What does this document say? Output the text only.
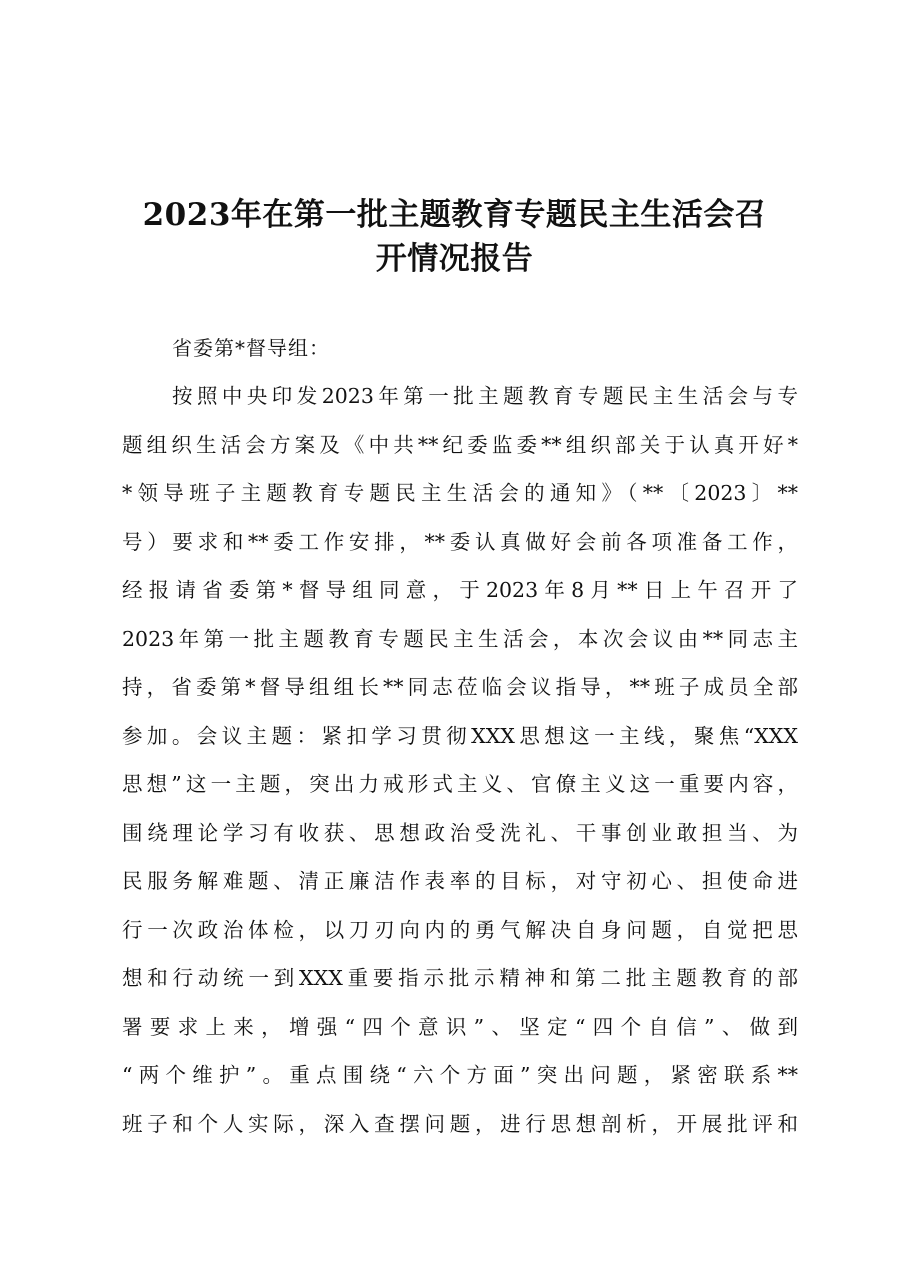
2023年在第一批主题教育专题民主生活会召
开情况报告

省委第*督导组：

按照中央印发2023年第一批主题教育专题民主生活会与专
题组织生活会方案及《中共**纪委监委**组织部关于认真开好*
*领导班子主题教育专题民主生活会的通知》（**〔2023〕**
号）要求和**委工作安排，**委认真做好会前各项准备工作，
经报请省委第*督导组同意，于2023年8月**日上午召开了
2023年第一批主题教育专题民主生活会，本次会议由**同志主
持，省委第*督导组组长**同志莅临会议指导，**班子成员全部
参加。会议主题：紧扣学习贯彻XXX思想这一主线，聚焦“XXX
思想”这一主题，突出力戒形式主义、官僚主义这一重要内容，
围绕理论学习有收获、思想政治受洗礼、干事创业敢担当、为
民服务解难题、清正廉洁作表率的目标，对守初心、担使命进
行一次政治体检，以刀刃向内的勇气解决自身问题，自觉把思
想和行动统一到XXX重要指示批示精神和第二批主题教育的部
署要求上来，增强“四个意识”、坚定“四个自信”、做到
“两个维护”。重点围绕“六个方面”突出问题，紧密联系**
班子和个人实际，深入查摆问题，进行思想剖析，开展批评和
